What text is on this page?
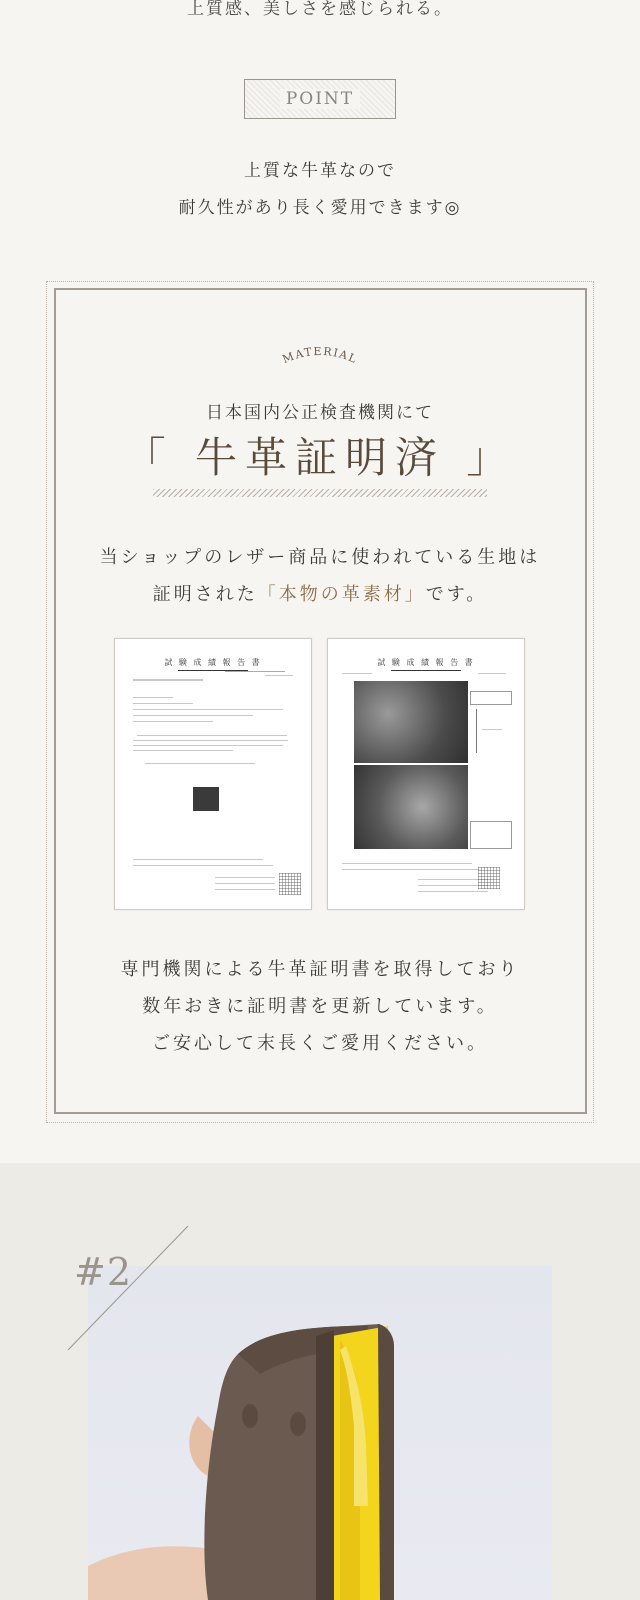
上質感、美しさを感じられる。
POINT
上質な牛革なので
耐久性があり長く愛用できます◎
MATERIAL
日本国内公正検査機関にて
「 牛革証明済 」
当ショップのレザー商品に使われている生地は
証明された「本物の革素材」です。
試 験 成 績 報 告 書	試 験 成 績 報 告 書
専門機関による牛革証明書を取得しており
数年おきに証明書を更新しています。
ご安心して末長くご愛用ください。
#2
